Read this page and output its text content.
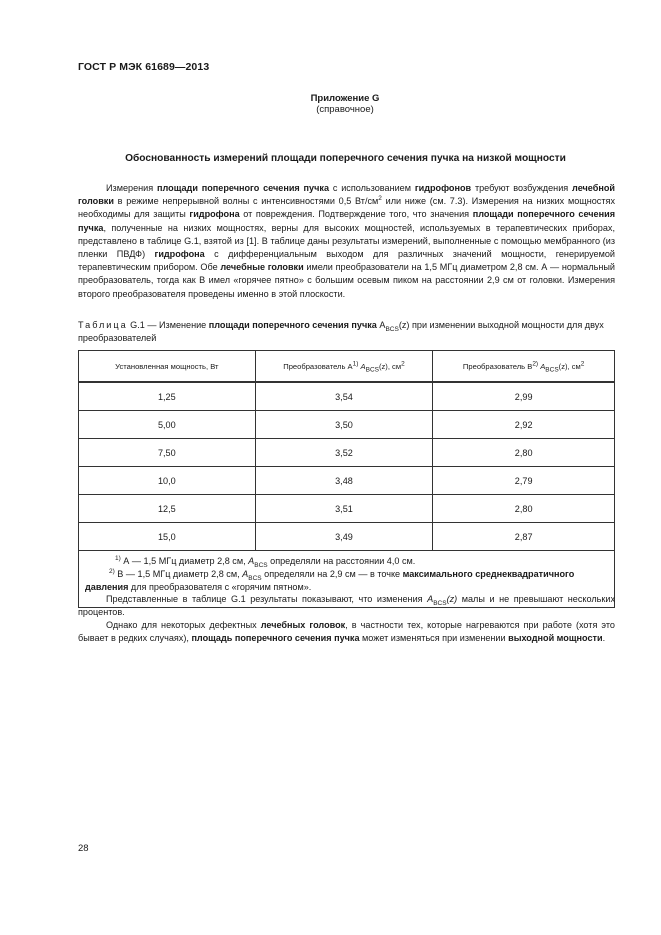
ГОСТ Р МЭК 61689—2013
Приложение G
(справочное)
Обоснованность измерений площади поперечного сечения пучка на низкой мощности
Измерения площади поперечного сечения пучка с использованием гидрофонов требуют возбуждения лечебной головки в режиме непрерывной волны с интенсивностями 0,5 $Вт/см^2$ или ниже (см. 7.3). Измерения на низких мощностях необходимы для защиты гидрофона от повреждения. Подтверждение того, что значения площади поперечного сечения пучка, полученные на низких мощностях, верны для высоких мощностей, используемых в терапевтических приборах, представлено в таблице G.1, взятой из [1]. В таблице даны результаты измерений, выполненные с помощью мембранного (из пленки ПВДФ) гидрофона с дифференциальным выходом для различных значений мощности, генерируемой терапевтическим прибором. Обе лечебные головки имели преобразователи на 1,5 МГц диаметром 2,8 см. А — нормальный преобразователь, тогда как В имел «горячее пятно» с большим осевым пиком на расстоянии 2,9 см от головки. Измерения второго преобразователя проведены именно в этой плоскости.
Таблица G.1 — Изменение площади поперечного сечения пучка $A_{BCS}(z)$ при изменении выходной мощности для двух преобразователей
Установленная мощность, Вт	Преобразователь $А^{1)}$ $A_{BCS}(z)$, $см^2$	Преобразователь $В^{2)}$ $A_{BCS}(z)$, $см^2$
1,25	3,54	2,99
5,00	3,50	2,92
7,50	3,52	2,80
10,0	3,48	2,79
12,5	3,51	2,80
15,0	3,49	2,87

$^{1)}$ А — 1,5 МГц диаметр 2,8 см, $A_{BCS}$ определяли на расстоянии 4,0 см.
$^{2)}$ В — 1,5 МГц диаметр 2,8 см, $A_{BCS}$ определяли на 2,9 см — в точке максимального среднеквадратичного давления для преобразователя с «горячим пятном».		
Представленные в таблице G.1 результаты показывают, что изменения $A_{BCS}(z)$ малы и не превышают нескольких процентов.
Однако для некоторых дефектных лечебных головок, в частности тех, которые нагреваются при работе (хотя это бывает в редких случаях), площадь поперечного сечения пучка может изменяться при изменении выходной мощности.
28
